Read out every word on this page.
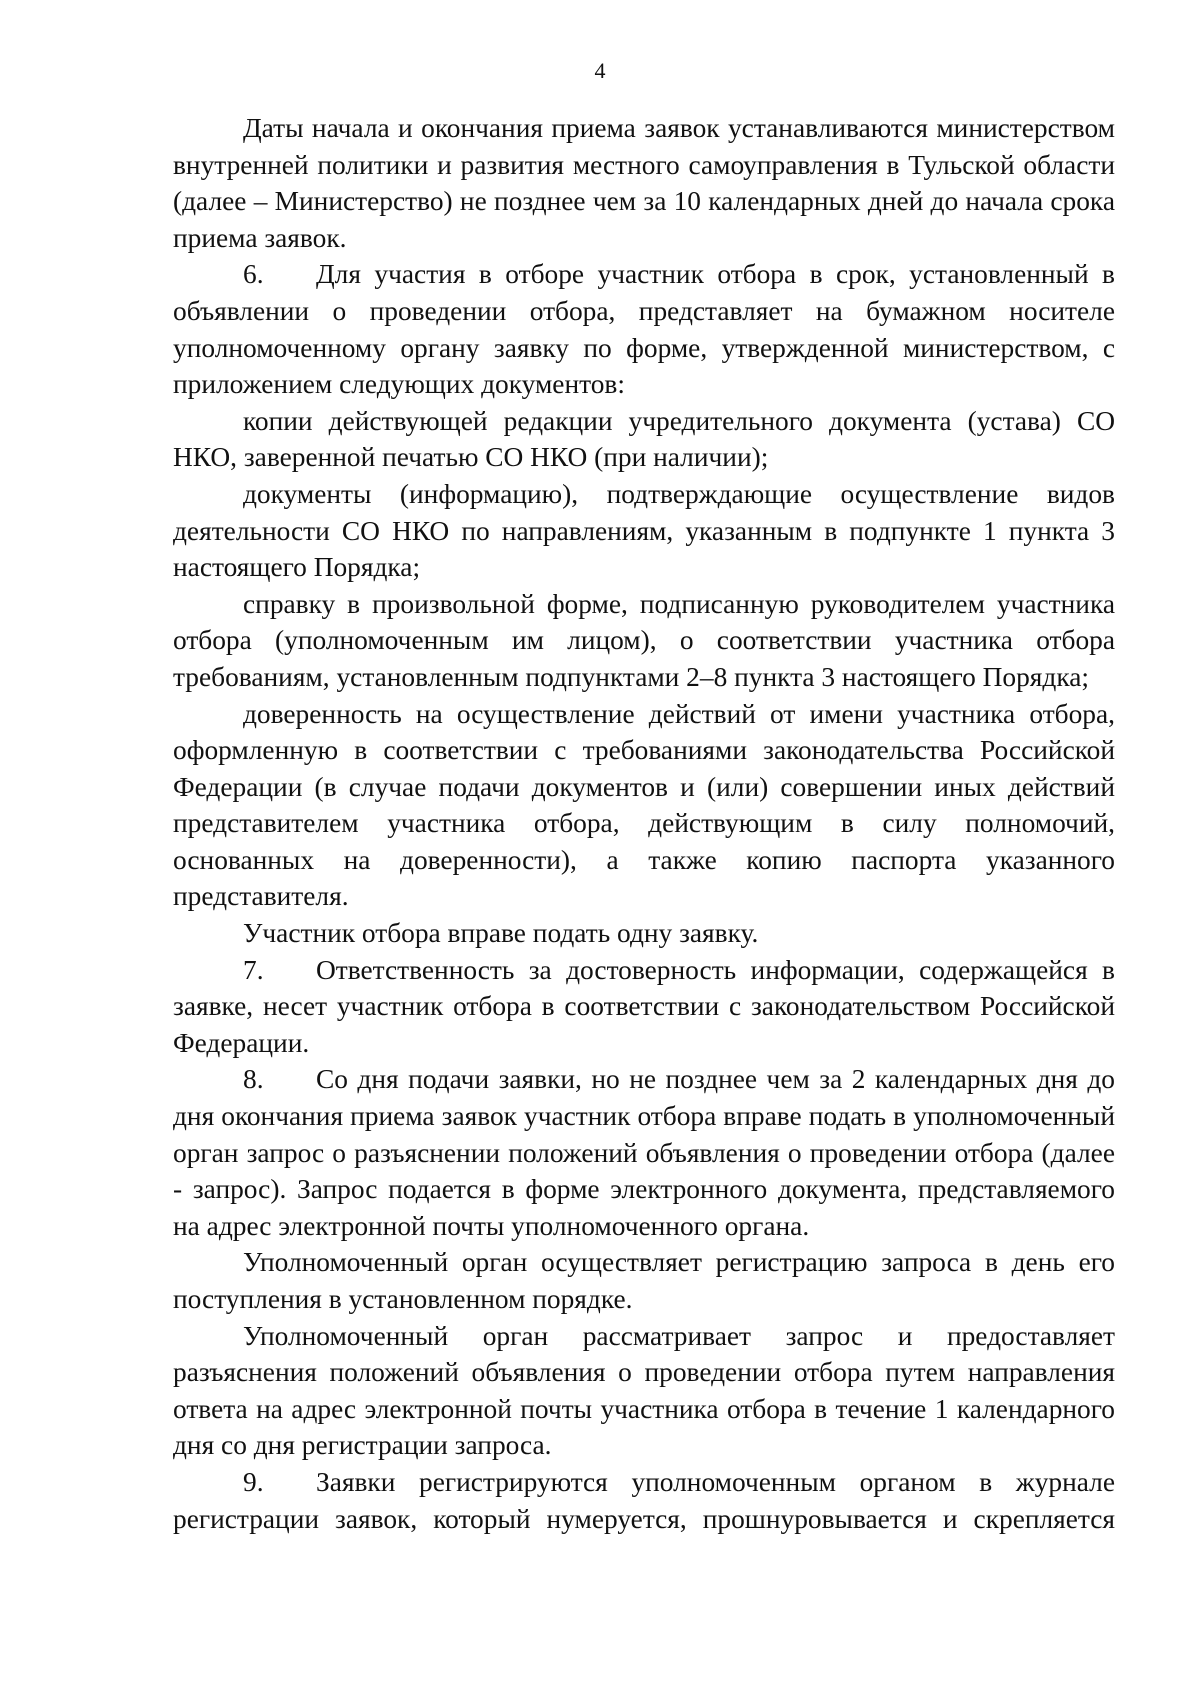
4

Даты начала и окончания приема заявок устанавливаются министерством внутренней политики и развития местного самоуправления в Тульской области (далее – Министерство) не позднее чем за 10 календарных дней до начала срока приема заявок.

6. Для участия в отборе участник отбора в срок, установленный в объявлении о проведении отбора, представляет на бумажном носителе уполномоченному органу заявку по форме, утвержденной министерством, с приложением следующих документов:

копии действующей редакции учредительного документа (устава) СО НКО, заверенной печатью СО НКО (при наличии);

документы (информацию), подтверждающие осуществление видов деятельности СО НКО по направлениям, указанным в подпункте 1 пункта 3 настоящего Порядка;

справку в произвольной форме, подписанную руководителем участника отбора (уполномоченным им лицом), о соответствии участника отбора требованиям, установленным подпунктами 2–8 пункта 3 настоящего Порядка;

доверенность на осуществление действий от имени участника отбора, оформленную в соответствии с требованиями законодательства Российской Федерации (в случае подачи документов и (или) совершении иных действий представителем участника отбора, действующим в силу полномочий, основанных на доверенности), а также копию паспорта указанного представителя.

Участник отбора вправе подать одну заявку.

7. Ответственность за достоверность информации, содержащейся в заявке, несет участник отбора в соответствии с законодательством Российской Федерации.

8. Со дня подачи заявки, но не позднее чем за 2 календарных дня до дня окончания приема заявок участник отбора вправе подать в уполномоченный орган запрос о разъяснении положений объявления о проведении отбора (далее - запрос). Запрос подается в форме электронного документа, представляемого на адрес электронной почты уполномоченного органа.

Уполномоченный орган осуществляет регистрацию запроса в день его поступления в установленном порядке.

Уполномоченный орган рассматривает запрос и предоставляет разъяснения положений объявления о проведении отбора путем направления ответа на адрес электронной почты участника отбора в течение 1 календарного дня со дня регистрации запроса.

9. Заявки регистрируются уполномоченным органом в журнале регистрации заявок, который нумеруется, прошнуровывается и скрепляется
